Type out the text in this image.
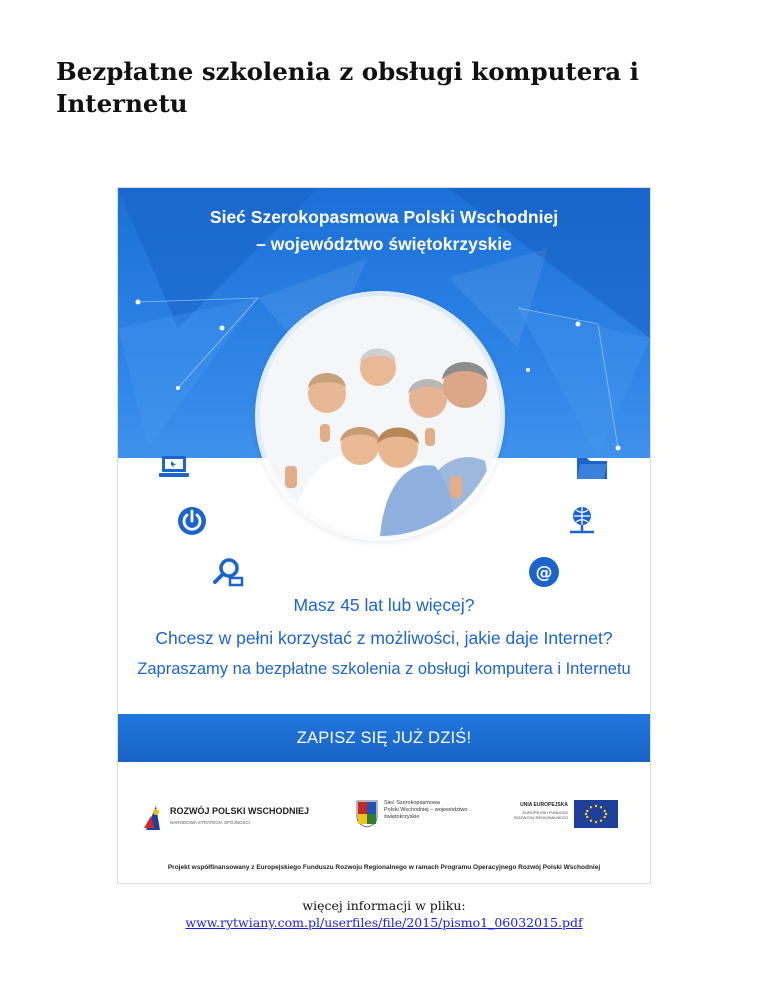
Bezpłatne szkolenia z obsługi komputera i Internetu
Sieć Szerokopasmowa Polski Wschodniej
– województwo świętokrzyskie
@
Masz 45 lat lub więcej?
Chcesz w pełni korzystać z możliwości, jakie daje Internet?
Zapraszamy na bezpłatne szkolenia z obsługi komputera i Internetu
ZAPISZ SIĘ JUŻ DZIŚ!
ROZWÓJ POLSKI WSCHODNIEJ
NARODOWA STRATEGIA SPÓJNOŚCI
Sieć Szerokopasmowa
Polski Wschodniej – województwo
świętokrzyskie
UNIA EUROPEJSKA
EUROPEJSKI FUNDUSZ
ROZWOJU REGIONALNEGO
Projekt współfinansowany z Europejskiego Funduszu Rozwoju Regionalnego w ramach Programu Operacyjnego Rozwój Polski Wschodniej
więcej informacji w pliku:
www.rytwiany.com.pl/userfiles/file/2015/pismo1_06032015.pdf
